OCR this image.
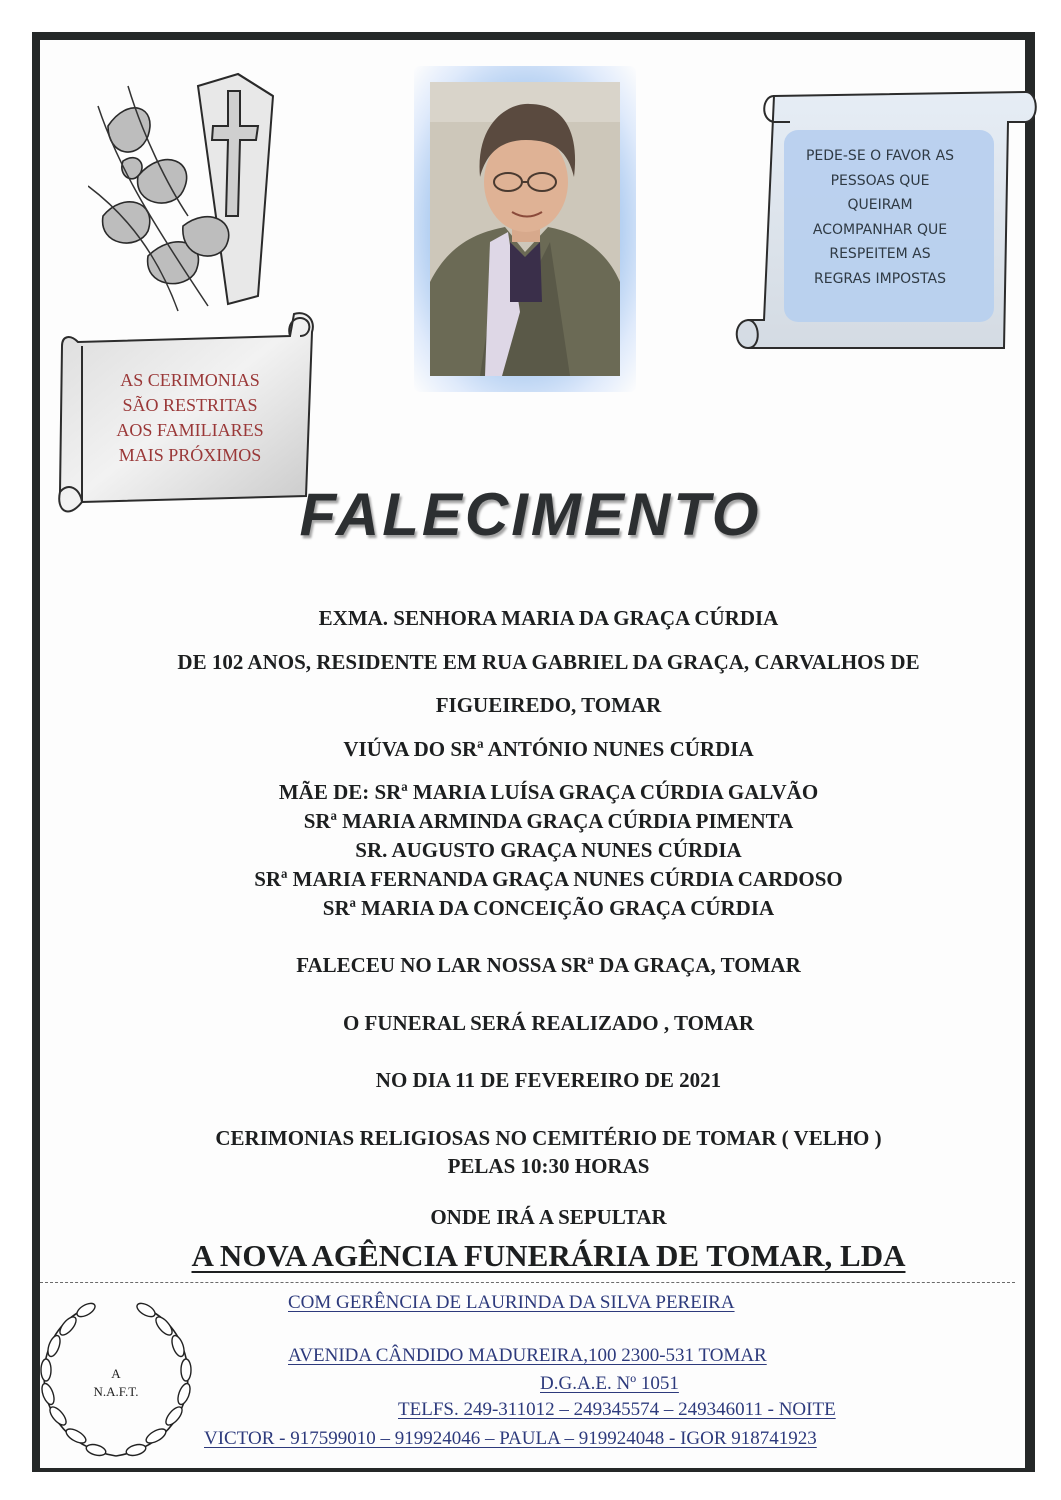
PEDE-SE O FAVOR AS
PESSOAS QUE
QUEIRAM
ACOMPANHAR QUE
RESPEITEM AS
REGRAS IMPOSTAS
AS CERIMONIAS
SÃO RESTRITAS
AOS FAMILIARES
MAIS PRÓXIMOS
FALECIMENTO

EXMA. SENHORA MARIA DA GRAÇA CÚRDIA

DE 102 ANOS, RESIDENTE EM RUA GABRIEL DA GRAÇA, CARVALHOS DE

FIGUEIREDO, TOMAR

VIÚVA DO SRª ANTÓNIO NUNES CÚRDIA

MÃE DE: SRª MARIA LUÍSA GRAÇA CÚRDIA GALVÃO

SRª MARIA ARMINDA GRAÇA CÚRDIA PIMENTA

SR. AUGUSTO GRAÇA NUNES CÚRDIA

SRª MARIA FERNANDA GRAÇA NUNES CÚRDIA CARDOSO

SRª MARIA DA CONCEIÇÃO GRAÇA CÚRDIA

FALECEU NO LAR NOSSA SRª DA GRAÇA, TOMAR

O FUNERAL SERÁ REALIZADO , TOMAR

NO DIA 11 DE FEVEREIRO DE 2021

CERIMONIAS RELIGIOSAS NO CEMITÉRIO DE TOMAR ( VELHO )

PELAS 10:30 HORAS

ONDE IRÁ A SEPULTAR

A NOVA AGÊNCIA FUNERÁRIA DE TOMAR, LDA
COM GERÊNCIA DE LAURINDA DA SILVA PEREIRA
AVENIDA CÂNDIDO MADUREIRA,100 2300-531 TOMAR
D.G.A.E. Nº 1051
TELFS. 249-311012 – 249345574 – 249346011 - NOITE
VICTOR - 917599010 – 919924046 – PAULA – 919924048 - IGOR 918741923
A
N.A.F.T.
